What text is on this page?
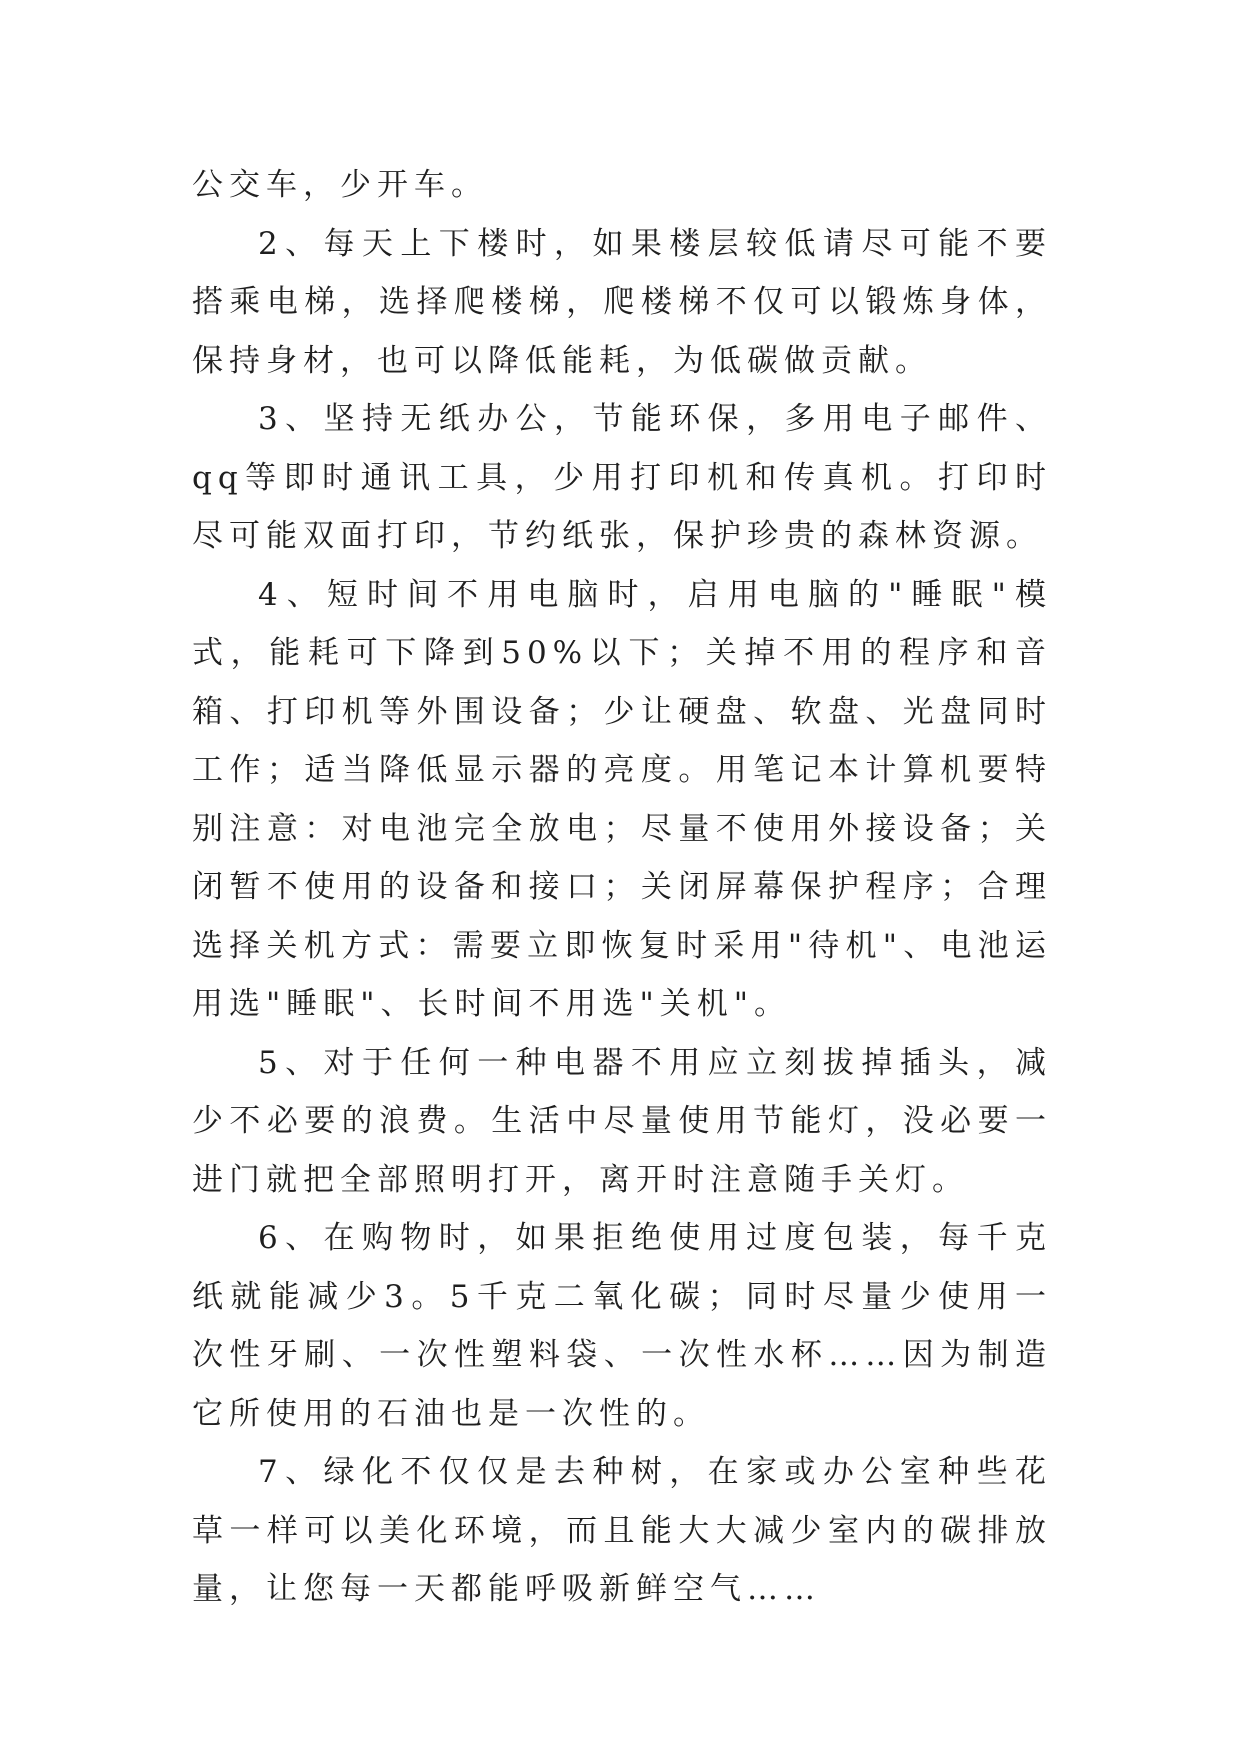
公交车，少开车。

2、每天上下楼时，如果楼层较低请尽可能不要搭乘电梯，选择爬楼梯，爬楼梯不仅可以锻炼身体，保持身材，也可以降低能耗，为低碳做贡献。

3、坚持无纸办公，节能环保，多用电子邮件、qq等即时通讯工具，少用打印机和传真机。打印时尽可能双面打印，节约纸张，保护珍贵的森林资源。

4、短时间不用电脑时，启用电脑的"睡眠"模式，能耗可下降到50%以下；关掉不用的程序和音箱、打印机等外围设备；少让硬盘、软盘、光盘同时工作；适当降低显示器的亮度。用笔记本计算机要特别注意：对电池完全放电；尽量不使用外接设备；关闭暂不使用的设备和接口；关闭屏幕保护程序；合理选择关机方式：需要立即恢复时采用"待机"、电池运用选"睡眠"、长时间不用选"关机"。

5、对于任何一种电器不用应立刻拔掉插头，减少不必要的浪费。生活中尽量使用节能灯，没必要一进门就把全部照明打开，离开时注意随手关灯。

6、在购物时，如果拒绝使用过度包装，每千克纸就能减少3。5千克二氧化碳；同时尽量少使用一次性牙刷、一次性塑料袋、一次性水杯……因为制造它所使用的石油也是一次性的。

7、绿化不仅仅是去种树，在家或办公室种些花草一样可以美化环境，而且能大大减少室内的碳排放量，让您每一天都能呼吸新鲜空气……
